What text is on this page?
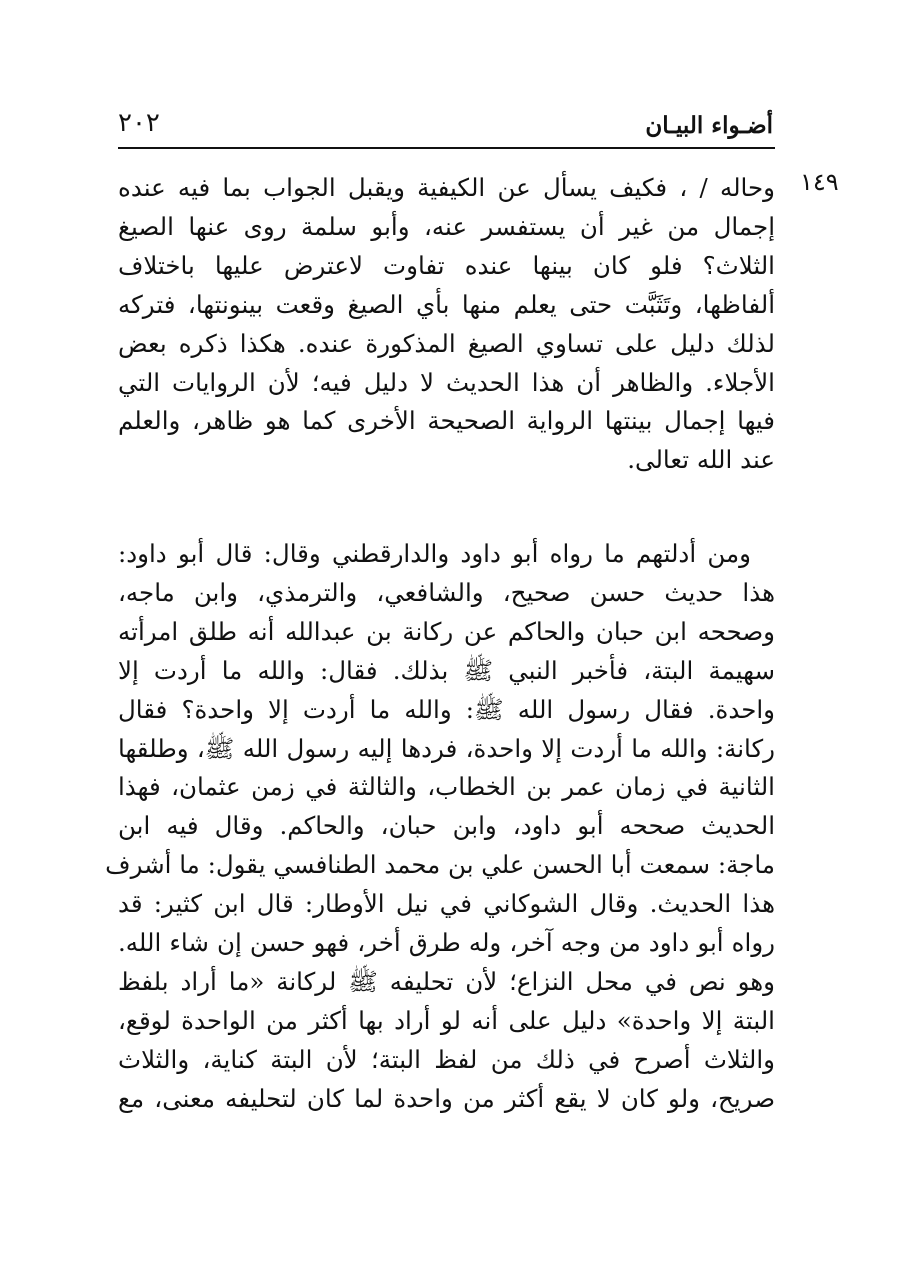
٢٠٢	أضـواء البيـان
١٤٩
وحاله / ، فكيف يسأل عن الكيفية ويقبل الجواب بما فيه عنده
إجمال من غير أن يستفسر عنه، وأبو سلمة روى عنها الصيغ
الثلاث؟ فلو كان بينها عنده تفاوت لاعترض عليها باختلاف
ألفاظها، وتَثَبَّت حتى يعلم منها بأي الصيغ وقعت بينونتها، فتركه
لذلك دليل على تساوي الصيغ المذكورة عنده. هكذا ذكره بعض
الأجلاء. والظاهر أن هذا الحديث لا دليل فيه؛ لأن الروايات التي
فيها إجمال بينتها الرواية الصحيحة الأخرى كما هو ظاهر، والعلم
عند الله تعالى.
ومن أدلتهم ما رواه أبو داود والدارقطني وقال: قال أبو داود:
هذا حديث حسن صحيح، والشافعي، والترمذي، وابن ماجه،
وصححه ابن حبان والحاكم عن ركانة بن عبدالله أنه طلق امرأته
سهيمة البتة، فأخبر النبي ﷺ بذلك. فقال: والله ما أردت إلا
واحدة. فقال رسول الله ﷺ: والله ما أردت إلا واحدة؟ فقال
ركانة: والله ما أردت إلا واحدة، فردها إليه رسول الله ﷺ، وطلقها
الثانية في زمان عمر بن الخطاب، والثالثة في زمن عثمان، فهذا
الحديث صححه أبو داود، وابن حبان، والحاكم. وقال فيه ابن
ماجة: سمعت أبا الحسن علي بن محمد الطنافسي يقول: ما أشرف
هذا الحديث. وقال الشوكاني في نيل الأوطار: قال ابن كثير: قد
رواه أبو داود من وجه آخر، وله طرق أخر، فهو حسن إن شاء الله.
وهو نص في محل النزاع؛ لأن تحليفه ﷺ لركانة «ما أراد بلفظ
البتة إلا واحدة» دليل على أنه لو أراد بها أكثر من الواحدة لوقع،
والثلاث أصرح في ذلك من لفظ البتة؛ لأن البتة كناية، والثلاث
صريح، ولو كان لا يقع أكثر من واحدة لما كان لتحليفه معنى، مع
